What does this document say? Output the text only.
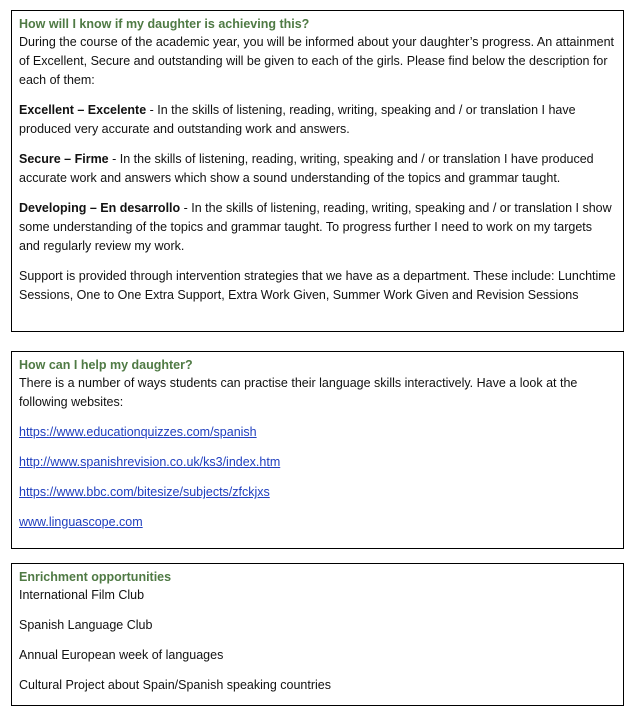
How will I know if my daughter is achieving this?

During the course of the academic year, you will be informed about your daughter’s progress. An attainment of Excellent, Secure and outstanding will be given to each of the girls. Please find below the description for each of them:

Excellent – Excelente - In the skills of listening, reading, writing, speaking and / or translation I have produced very accurate and outstanding work and answers.

Secure – Firme - In the skills of listening, reading, writing, speaking and / or translation I have produced accurate work and answers which show a sound understanding of the topics and grammar taught.

Developing – En desarrollo - In the skills of listening, reading, writing, speaking and / or translation I show some understanding of the topics and grammar taught. To progress further I need to work on my targets and regularly review my work.

Support is provided through intervention strategies that we have as a department. These include: Lunchtime Sessions, One to One Extra Support, Extra Work Given, Summer Work Given and Revision Sessions

How can I help my daughter?

There is a number of ways students can practise their language skills interactively. Have a look at the following websites:

https://www.educationquizzes.com/spanish

http://www.spanishrevision.co.uk/ks3/index.htm

https://www.bbc.com/bitesize/subjects/zfckjxs

www.linguascope.com

Enrichment opportunities

International Film Club

Spanish Language Club

Annual European week of languages

Cultural Project about Spain/Spanish speaking countries
